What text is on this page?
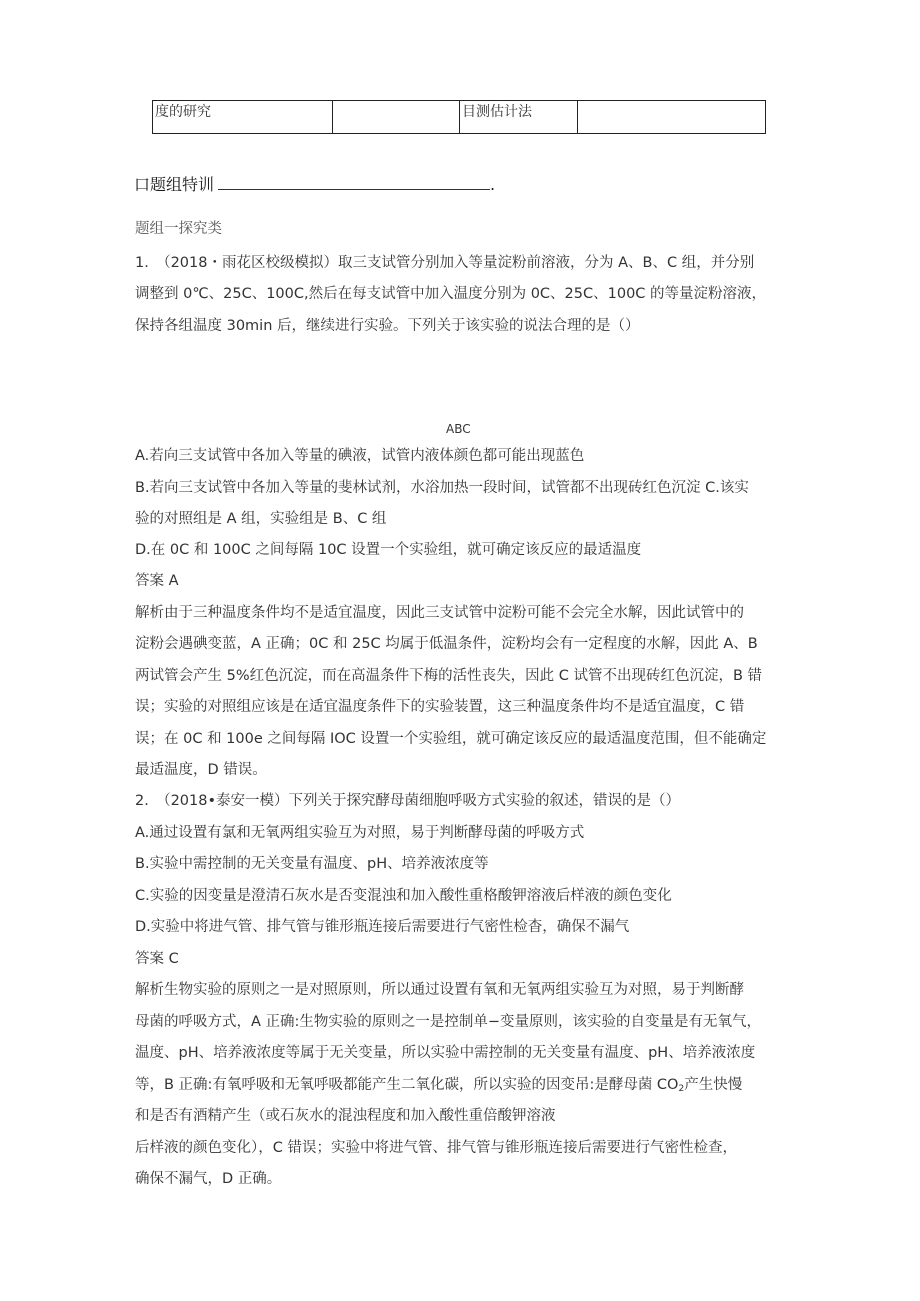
度的研究		目测估计法	
口题组特训	.
题组一探究类
1.　（2018・雨花区校级模拟）取三支试管分别加入等量淀粉前溶液，分为 A、B、C 组，并分别
调整到 0℃、25C、100C,然后在每支试管中加入温度分别为 0C、25C、100C 的等量淀粉溶液，
保持各组温度 30min 后，继续进行实验。下列关于该实验的说法合理的是（）
ABC
A.若向三支试管中各加入等量的碘液，试管内液体颜色都可能出现蓝色
B.若向三支试管中各加入等量的斐林试剂，水浴加热一段时间，试管都不出现砖红色沉淀 C.该实
验的对照组是 A 组，实验组是 B、C 组
D.在 0C 和 100C 之间每隔 10C 设置一个实验组，就可确定该反应的最适温度
答案 A
解析由于三种温度条件均不是适宜温度，因此三支试管中淀粉可能不会完全水解，因此试管中的
淀粉会遇碘变蓝，A 正确；0C 和 25C 均属于低温条件，淀粉均会有一定程度的水解，因此 A、B
两试管会产生 5%红色沉淀，而在高温条件下梅的活性丧失，因此 C 试管不出现砖红色沉淀，B 错
误；实验的对照组应该是在适宜温度条件下的实验装置，这三种温度条件均不是适宜温度，C 错
误；在 0C 和 100e 之间每隔 IOC 设置一个实验组，就可确定该反应的最适温度范围，但不能确定
最适温度，D 错误。
2.　（2018•泰安一模）下列关于探究酵母菌细胞呼吸方式实验的叙述，错误的是（）
A.通过设置有氯和无氧两组实验互为对照，易于判断酵母菌的呼吸方式
B.实验中需控制的无关变量有温度、pH、培养液浓度等
C.实验的因变量是澄清石灰水是否变混浊和加入酸性重格酸钾溶液后样液的颜色变化
D.实验中将进气管、排气管与锥形瓶连接后需要进行气密性检杳，确保不漏气
答案 C
解析生物实验的原则之一是对照原则，所以通过设置有氧和无氧两组实验互为对照，易于判断酵
母菌的呼吸方式，A 正确:生物实验的原则之一是控制单−变量原则，该实验的自变量是有无氧气，
温度、pH、培养液浓度等属于无关变量，所以实验中需控制的无关变量有温度、pH、培养液浓度
等，B 正确:有氧呼吸和无氧呼吸都能产生二氧化碳，所以实验的因变吊:是酵母菌 $CO_2$产生快慢
和是否有酒精产生（或石灰水的混浊程度和加入酸性重倍酸钾溶液
后样液的颜色变化），C 错误；实验中将进气管、排气管与锥形瓶连接后需要进行气密性检查，
确保不漏气，D 正确。
